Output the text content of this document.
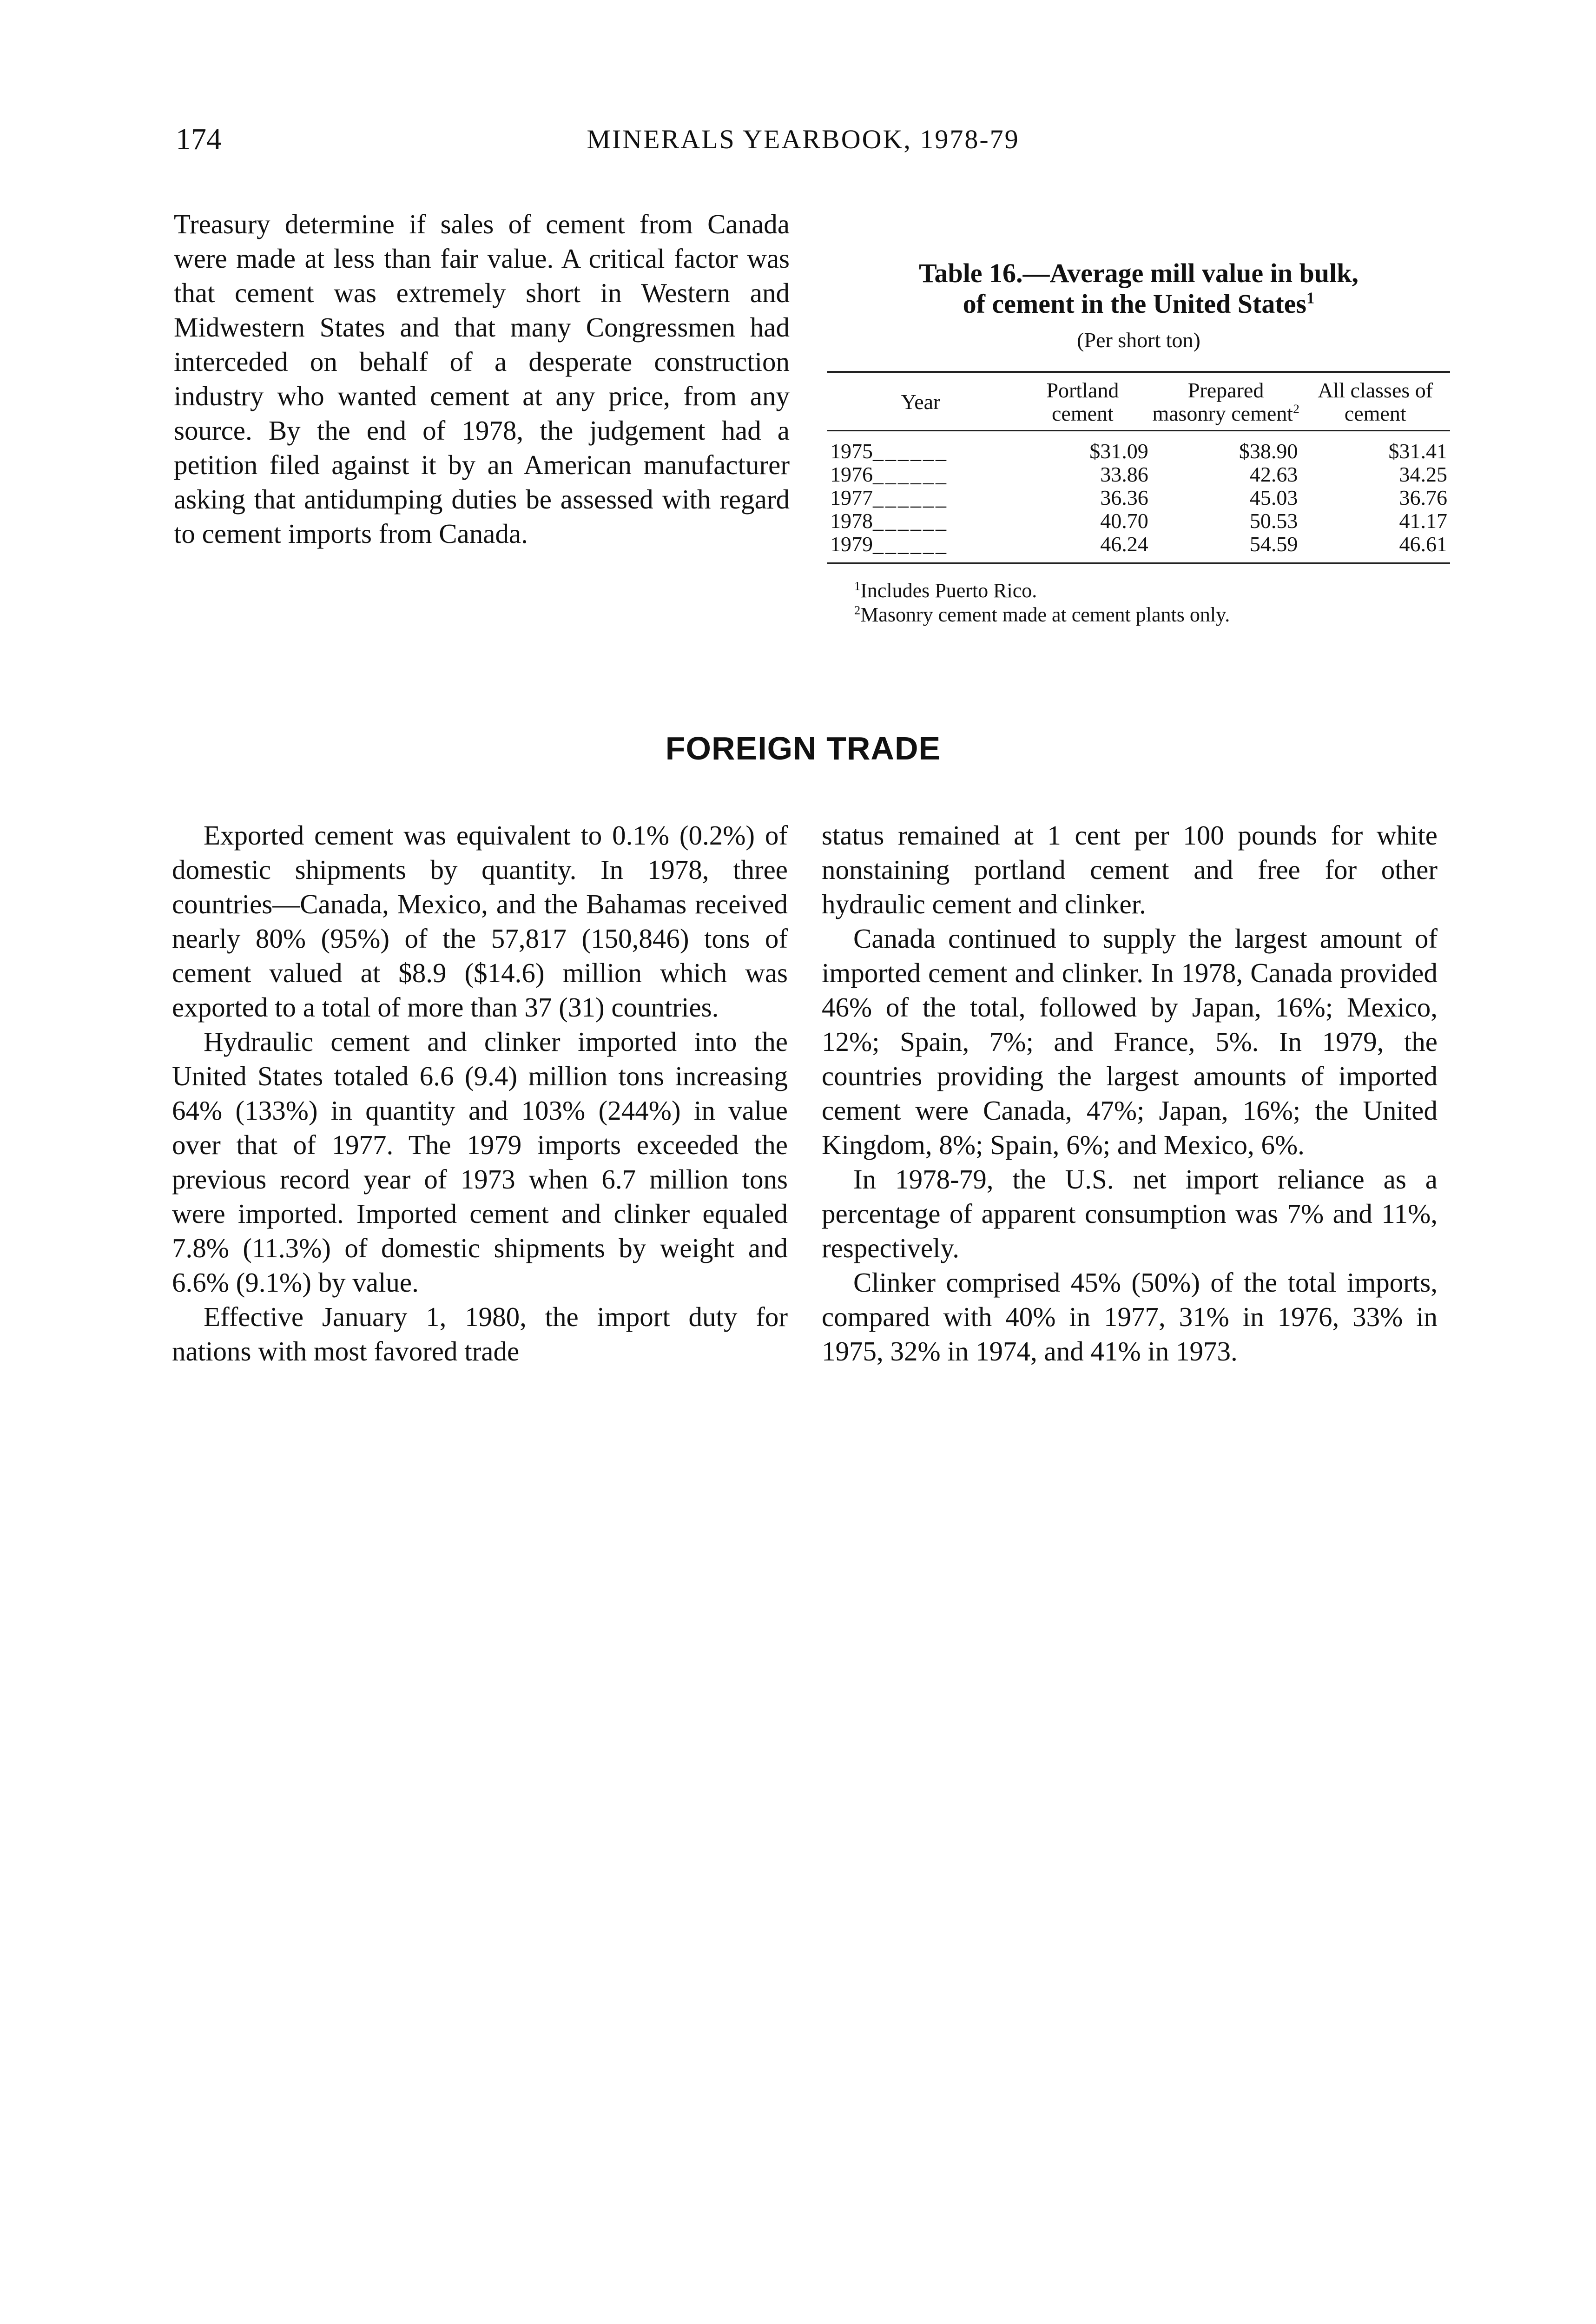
174	MINERALS YEARBOOK, 1978-79

Treasury determine if sales of cement from Canada were made at less than fair value. A critical factor was that cement was extremely short in Western and Midwestern States and that many Congressmen had interceded on behalf of a desperate construction industry who wanted cement at any price, from any source. By the end of 1978, the judgement had a petition filed against it by an American manufacturer asking that antidumping duties be assessed with regard to cement imports from Canada.

Table 16.—Average mill value in bulk,
of cement in the United States$^1$

(Per short ton)

Year	Portland cement	Prepared masonry cement$^2$	All classes of cement

1975______	$31.09	$38.90	$31.41
1976______	33.86	42.63	34.25
1977______	36.36	45.03	36.76
1978______	40.70	50.53	41.17
1979______	46.24	54.59	46.61

$^1$Includes Puerto Rico.

$^2$Masonry cement made at cement plants only.

FOREIGN TRADE

Exported cement was equivalent to 0.1% (0.2%) of domestic shipments by quantity. In 1978, three countries—Canada, Mexico, and the Bahamas received nearly 80% (95%) of the 57,817 (150,846) tons of cement valued at $8.9 ($14.6) million which was exported to a total of more than 37 (31) countries.

Hydraulic cement and clinker imported into the United States totaled 6.6 (9.4) million tons increasing 64% (133%) in quantity and 103% (244%) in value over that of 1977. The 1979 imports exceeded the previous record year of 1973 when 6.7 million tons were imported. Imported cement and clinker equaled 7.8% (11.3%) of domestic shipments by weight and 6.6% (9.1%) by value.

Effective January 1, 1980, the import duty for nations with most favored trade

status remained at 1 cent per 100 pounds for white nonstaining portland cement and free for other hydraulic cement and clinker.

Canada continued to supply the largest amount of imported cement and clinker. In 1978, Canada provided 46% of the total, followed by Japan, 16%; Mexico, 12%; Spain, 7%; and France, 5%. In 1979, the countries providing the largest amounts of imported cement were Canada, 47%; Japan, 16%; the United Kingdom, 8%; Spain, 6%; and Mexico, 6%.

In 1978-79, the U.S. net import reliance as a percentage of apparent consumption was 7% and 11%, respectively.

Clinker comprised 45% (50%) of the total imports, compared with 40% in 1977, 31% in 1976, 33% in 1975, 32% in 1974, and 41% in 1973.
